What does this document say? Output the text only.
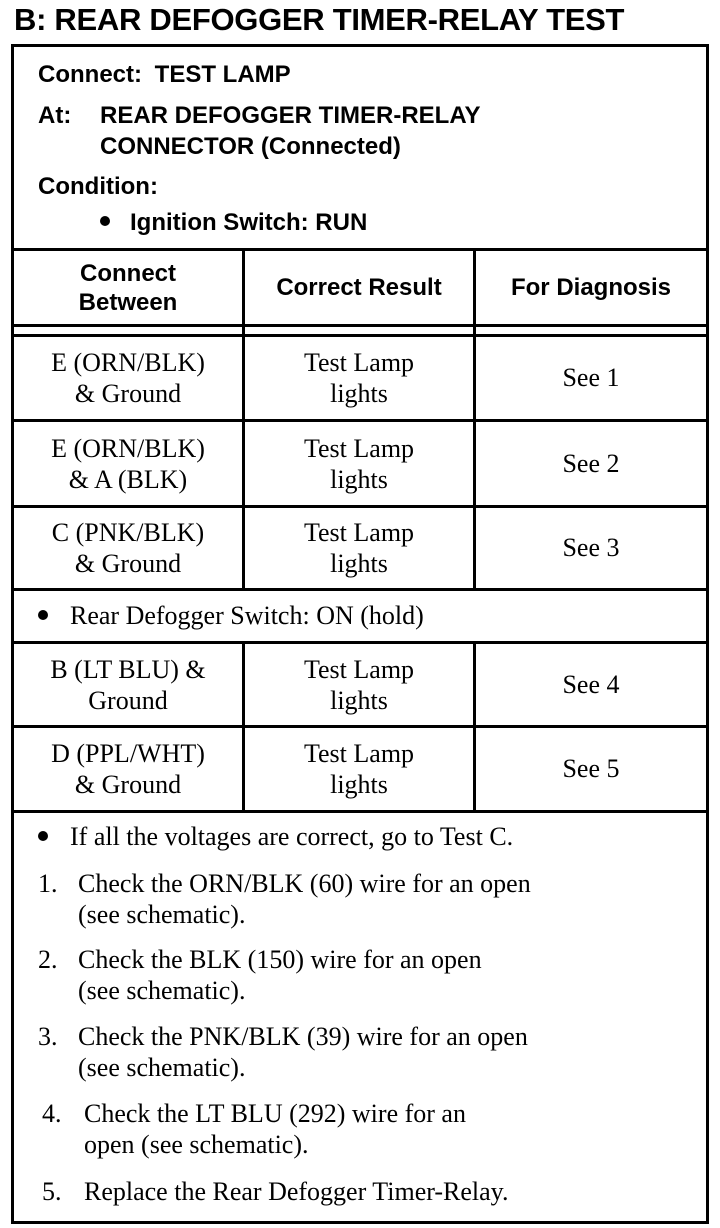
B: REAR DEFOGGER TIMER-RELAY TEST
Connect: TEST LAMP
At: REAR DEFOGGER TIMER-RELAY
CONNECTOR (Connected)
Condition:
Ignition Switch: RUN
Connect
Between
Correct Result	For Diagnosis
E (ORN/BLK)
& Ground
Test Lamp
lights
See 1
E (ORN/BLK)
& A (BLK)
Test Lamp
lights
See 2
C (PNK/BLK)
& Ground
Test Lamp
lights
See 3
Rear Defogger Switch: ON (hold)
B (LT BLU) &
Ground
Test Lamp
lights
See 4
D (PPL/WHT)
& Ground
Test Lamp
lights
See 5
If all the voltages are correct, go to Test C.
1. Check the ORN/BLK (60) wire for an open
(see schematic).
2. Check the BLK (150) wire for an open
(see schematic).
3. Check the PNK/BLK (39) wire for an open
(see schematic).
4. Check the LT BLU (292) wire for an
open (see schematic).
5. Replace the Rear Defogger Timer-Relay.
